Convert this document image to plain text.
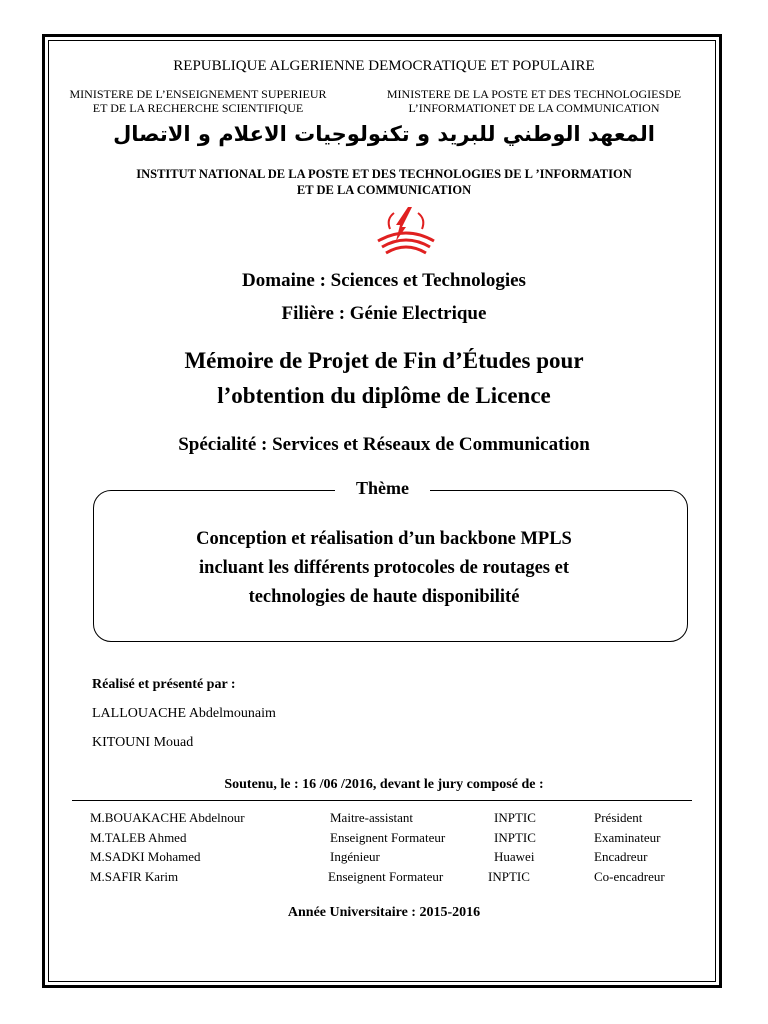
REPUBLIQUE ALGERIENNE DEMOCRATIQUE ET POPULAIRE
MINISTERE DE L’ENSEIGNEMENT SUPERIEUR
ET DE LA RECHERCHE SCIENTIFIQUE
MINISTERE DE LA POSTE ET DES TECHNOLOGIESDE
L’INFORMATIONET DE LA COMMUNICATION
المعهد الوطني للبريد و تكنولوجيات الاعلام و الاتصال
INSTITUT NATIONAL DE LA POSTE ET DES TECHNOLOGIES DE L ’INFORMATION
ET DE LA COMMUNICATION
Domaine : Sciences et Technologies
Filière : Génie Electrique
Mémoire de Projet de Fin d’Études pour
l’obtention du diplôme de Licence
Spécialité : Services et Réseaux de Communication
Thème
Conception et réalisation d’un backbone MPLS
incluant les différents protocoles de routages et
technologies de haute disponibilité
Réalisé et présenté par :
LALLOUACHE Abdelmounaim
KITOUNI Mouad
Soutenu, le : 16 /06 /2016, devant le jury composé de :
M.BOUAKACHE Abdelnour	Maitre-assistant	INPTIC	Président
M.TALEB Ahmed	Enseignent Formateur	INPTIC	Examinateur
M.SADKI Mohamed	Ingénieur	Huawei	Encadreur
M.SAFIR Karim	Enseignent Formateur	INPTIC	Co-encadreur
Année Universitaire : 2015-2016
